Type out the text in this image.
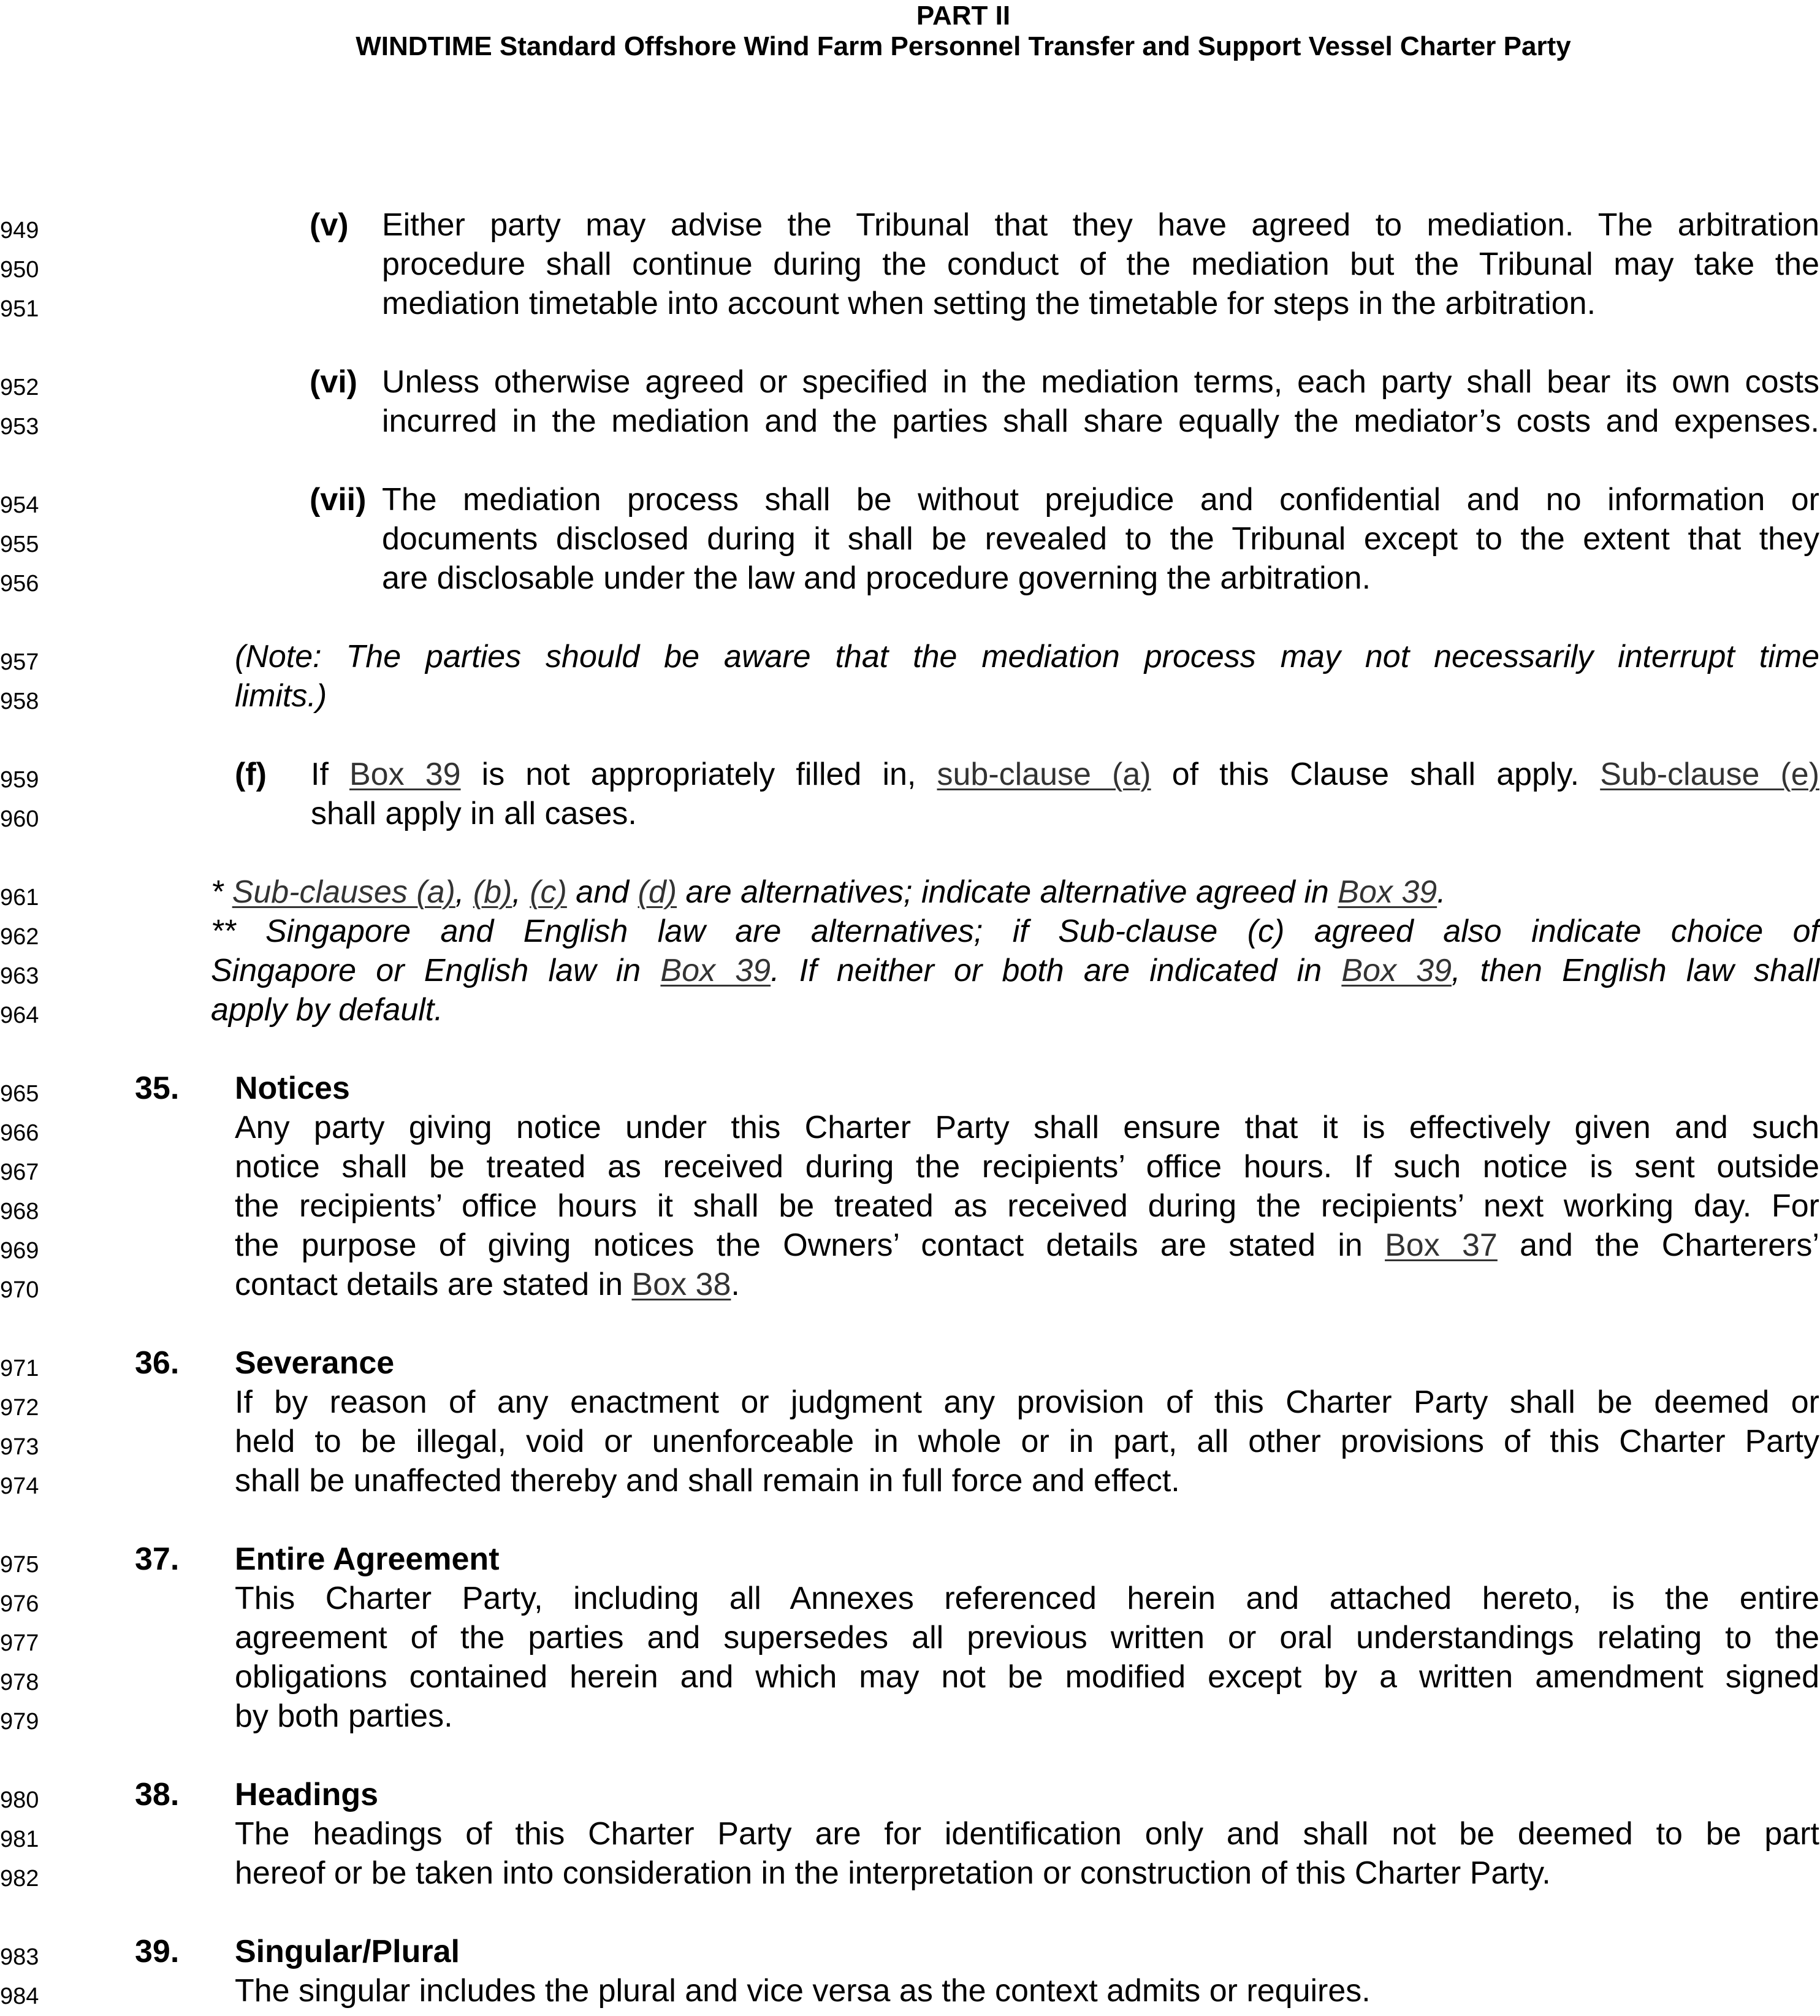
PART II
WINDTIME Standard Offshore Wind Farm Personnel Transfer and Support Vessel Charter Party
949
950
951
952
953
954
955
956
957
958
959
960
961
962
963
964
965
966
967
968
969
970
971
972
973
974
975
976
977
978
979
980
981
982
983
984
(v) Either party may advise the Tribunal that they have agreed to mediation. The arbitration
procedure shall continue during the conduct of the mediation but the Tribunal may take the
mediation timetable into account when setting the timetable for steps in the arbitration.
(vi) Unless otherwise agreed or specified in the mediation terms, each party shall bear its own costs
incurred in the mediation and the parties shall share equally the mediator’s costs and expenses.
(vii) The mediation process shall be without prejudice and confidential and no information or
documents disclosed during it shall be revealed to the Tribunal except to the extent that they
are disclosable under the law and procedure governing the arbitration.
(Note: The parties should be aware that the mediation process may not necessarily interrupt time
limits.)
(f) If Box 39 is not appropriately filled in, sub-clause (a) of this Clause shall apply. Sub-clause (e)
shall apply in all cases.
* Sub-clauses (a), (b), (c) and (d) are alternatives; indicate alternative agreed in Box 39.
** Singapore and English law are alternatives; if Sub-clause (c) agreed also indicate choice of
Singapore or English law in Box 39. If neither or both are indicated in Box 39, then English law shall
apply by default.
35. Notices
Any party giving notice under this Charter Party shall ensure that it is effectively given and such
notice shall be treated as received during the recipients’ office hours. If such notice is sent outside
the recipients’ office hours it shall be treated as received during the recipients’ next working day. For
the purpose of giving notices the Owners’ contact details are stated in Box 37 and the Charterers’
contact details are stated in Box 38.
36. Severance
If by reason of any enactment or judgment any provision of this Charter Party shall be deemed or
held to be illegal, void or unenforceable in whole or in part, all other provisions of this Charter Party
shall be unaffected thereby and shall remain in full force and effect.
37. Entire Agreement
This Charter Party, including all Annexes referenced herein and attached hereto, is the entire
agreement of the parties and supersedes all previous written or oral understandings relating to the
obligations contained herein and which may not be modified except by a written amendment signed
by both parties.
38. Headings
The headings of this Charter Party are for identification only and shall not be deemed to be part
hereof or be taken into consideration in the interpretation or construction of this Charter Party.
39. Singular/Plural
The singular includes the plural and vice versa as the context admits or requires.
